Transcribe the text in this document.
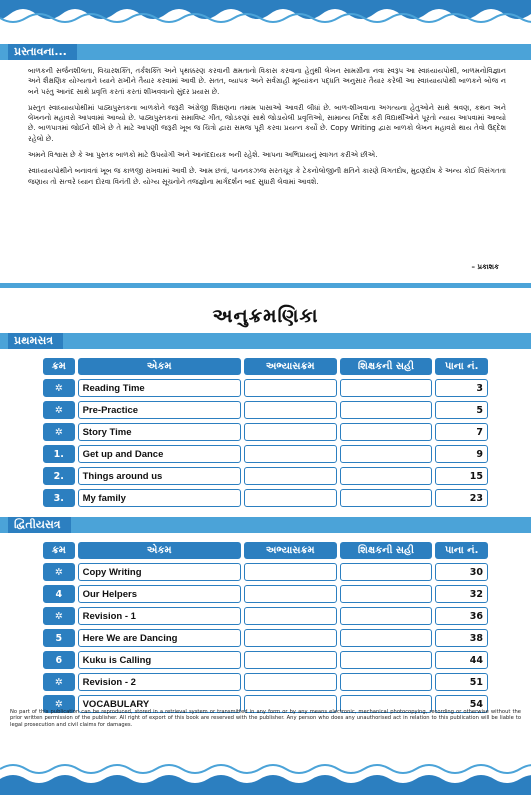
પ્રસ્તાવના...

બાળકની સર્જનશીલતા, વિચારશક્તિ, તર્કશક્તિ અને પૃથક્કરણ કરવાની ક્ષમતાનો વિકાસ કરવાના હેતુથી લેખન સામગ્રીના નવા સ્વરૂપ આ સ્વાધ્યાયપોથી, બાળમનોવિજ્ઞાન અને શૈક્ષણિક યોગ્યતાને ધ્યાને રાખીને તૈયાર કરવામાં આવી છે. સતત, વ્યાપક અને સર્વગ્રાહી મૂલ્યાંકન પદ્ધતિ અનુસાર તૈયાર કરેલી આ સ્વાધ્યાયપોથી બાળકને બોજ ન બને પરંતુ આનંદ સાથે પ્રવૃત્તિ કરતાં કરતાં શીખવવાનો સુંદર પ્રયાસ છે.

પ્રસ્તુત સ્વાધ્યાયપોથીમાં પાઠ્યપુસ્તકના બાળકોને જરૂરી અંગ્રેજી શિક્ષણના તમામ પાસાઓ આવરી લીધાં છે. બાળ-શીખવાના અગત્યના હેતુઓને સાથે શ્રવણ, કથન અને લેખનનો મહાવરો આપવામાં આવ્યો છે. પાઠ્યપુસ્તકનાં સમાવિષ્ટ ગીત, જોડકણાં સાથે જોડાયેલી પ્રવૃત્તિઓ, સામાન્ય નિર્દેશ કરી વિદ્યાર્થીઓને પૂરતો ન્યાય આપવામાં આવ્યો છે. બાળપાત્રમાં જોઈને શીખે છે તે માટે આપણી જરૂરી ખૂબ જ ચિત્રો દ્વારા સમજ પૂરી કરવા પ્રયત્ન કર્યો છે. Copy Writing દ્વારા બાળકો લેખન મહાવરો થાય તેવો ઉદ્દેશ રહેલો છે.

અમને વિશ્વાસ છે કે આ પુસ્તક બાળકો માટે ઉપયોગી અને આનંદદાયક બની રહેશે. આપના અભિપ્રાયનું સ્વાગત કરીએ છીએ.

સ્વાધ્યાયપોથીને બનાવતાં ખૂબ જ કાળજી રાખવામાં આવી છે. આમ છતાં, પાનનકઝજ સરતચૂક કે ટેકનોલોજીની ક્ષતિને કારણે વિગતદોષ, મુદ્રણદોષ કે અન્ય કોઈ વિસંગતતા જણાય તો સત્વરે ધ્યાન દોરવા વિનંતી છે. યોગ્ય સૂચનોને તજજ્ઞોના માર્ગદર્શન બાદ સુધારી લેવામાં આવશે.

– પ્રકાશક
અનુક્રમણિકા
પ્રથમસત્ર
ક્રમ	એકમ	અભ્યાસક્રમ	શિક્ષકની સહી	પાના નં.
✲	Reading Time			3
✲	Pre-Practice			5
✲	Story Time			7
1.	Get up and Dance			9
2.	Things around us			15
3.	My family			23
દ્વિતીયસત્ર
ક્રમ	એકમ	અભ્યાસક્રમ	શિક્ષકની સહી	પાના નં.
✲	Copy Writing			30
4	Our Helpers			32
✲	Revision - 1			36
5	Here We are Dancing			38
6	Kuku is Calling			44
✲	Revision - 2			51
✲	VOCABULARY			54
No part of this publication can be reproduced, stored in a retrieval system or transmitted in any form or by any means electronic, mechanical photocopying, recording or otherwise without the prior written permission of the publisher. All right of export of this book are reserved with the publisher. Any person who does any unauthorised act in relation to this publication will be liable to legal prosecution and civil claims for damages.
